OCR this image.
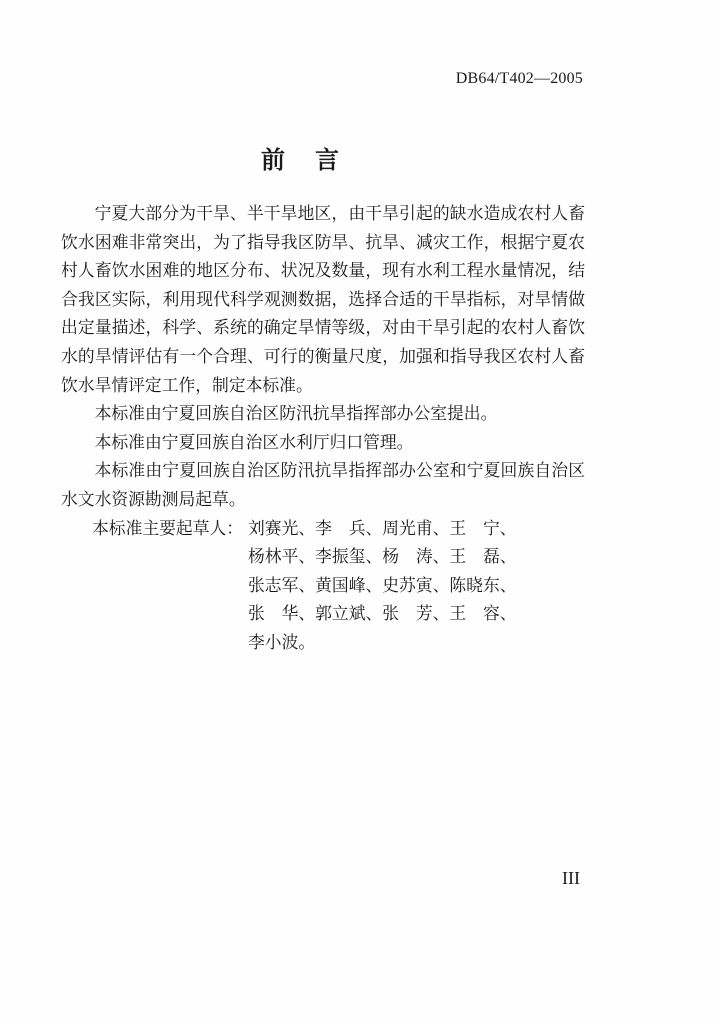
DB64/T402—2005
前言

宁夏大部分为干旱、半干旱地区，由干旱引起的缺水造成农村人畜饮水困难非常突出，为了指导我区防旱、抗旱、减灾工作，根据宁夏农村人畜饮水困难的地区分布、状况及数量，现有水利工程水量情况，结合我区实际，利用现代科学观测数据，选择合适的干旱指标，对旱情做出定量描述，科学、系统的确定旱情等级，对由干旱引起的农村人畜饮水的旱情评估有一个合理、可行的衡量尺度，加强和指导我区农村人畜饮水旱情评定工作，制定本标准。

本标准由宁夏回族自治区防汛抗旱指挥部办公室提出。

本标准由宁夏回族自治区水利厅归口管理。

本标准由宁夏回族自治区防汛抗旱指挥部办公室和宁夏回族自治区水文水资源勘测局起草。

本标准主要起草人： 刘赛光、李　兵、周光甫、王　宁、
杨林平、李振玺、杨　涛、王　磊、
张志军、黄国峰、史苏寅、陈晓东、
张　华、郭立斌、张　芳、王　容、
李小波。
III
